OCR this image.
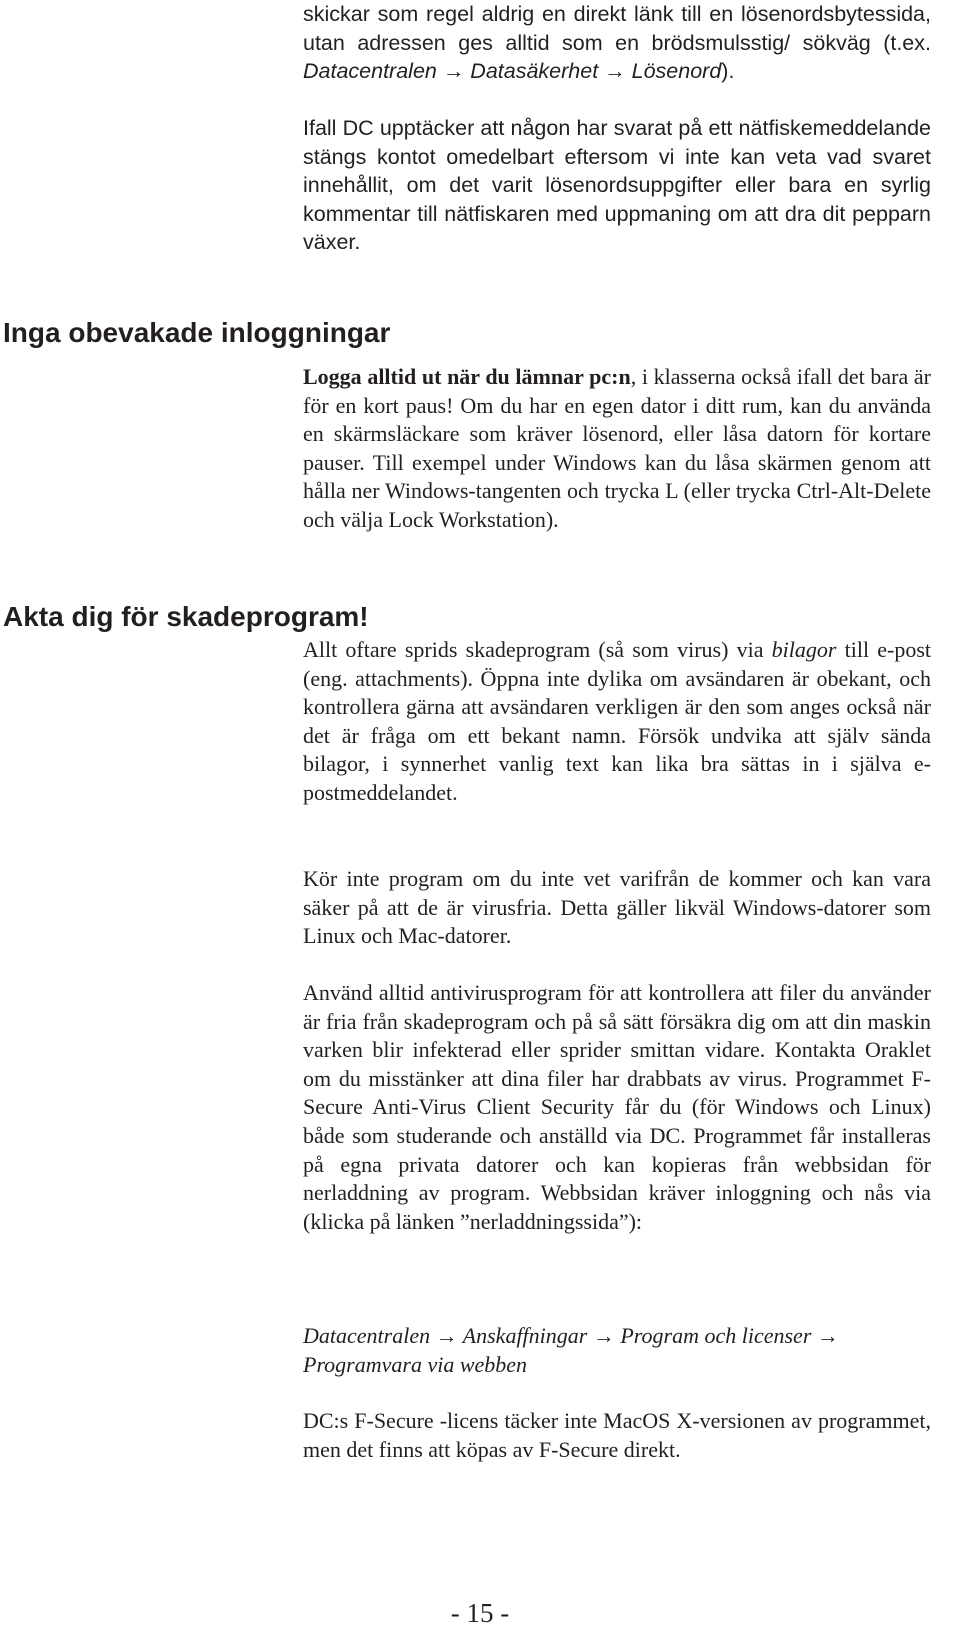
skickar som regel aldrig en direkt länk till en lösenordsbytessida, utan adressen ges alltid som en brödsmulsstig/ sökväg (t.ex. Datacentralen → Datasäkerhet → Lösenord).

Ifall DC upptäcker att någon har svarat på ett nätfiskemeddelande stängs kontot omedelbart eftersom vi inte kan veta vad svaret innehållit, om det varit lösenordsuppgifter eller bara en syrlig kommentar till nätfiskaren med uppmaning om att dra dit pepparn växer.

Inga obevakade inloggningar

Logga alltid ut när du lämnar pc:n, i klasserna också ifall det bara är för en kort paus! Om du har en egen dator i ditt rum, kan du använda en skärmsläckare som kräver lösenord, eller låsa datorn för kortare pauser. Till exempel under Windows kan du låsa skärmen genom att hålla ner Windows-tangenten och trycka L (eller trycka Ctrl-Alt-Delete och välja Lock Workstation).

Akta dig för skadeprogram!

Allt oftare sprids skadeprogram (så som virus) via bilagor till e-post (eng. attachments). Öppna inte dylika om avsändaren är obekant, och kontrollera gärna att avsändaren verkligen är den som anges också när det är fråga om ett bekant namn. Försök undvika att själv sända bilagor, i synnerhet vanlig text kan lika bra sättas in i själva e-postmeddelandet.

Kör inte program om du inte vet varifrån de kommer och kan vara säker på att de är virusfria. Detta gäller likväl Windows-datorer som Linux och Mac-datorer.

Använd alltid antivirusprogram för att kontrollera att filer du använder är fria från skadeprogram och på så sätt försäkra dig om att din maskin varken blir infekterad eller sprider smittan vidare. Kontakta Oraklet om du misstänker att dina filer har drabbats av virus. Programmet F-Secure Anti-Virus Client Security får du (för Windows och Linux) både som studerande och anställd via DC. Programmet får installeras på egna privata datorer och kan kopieras från webbsidan för nerladdning av program. Webbsidan kräver inloggning och nås via (klicka på länken ”nerladdningssida”):

Datacentralen → Anskaffningar → Program och licenser → Programvara via webben

DC:s F-Secure -licens täcker inte MacOS X-versionen av programmet, men det finns att köpas av F-Secure direkt.

- 15 -
